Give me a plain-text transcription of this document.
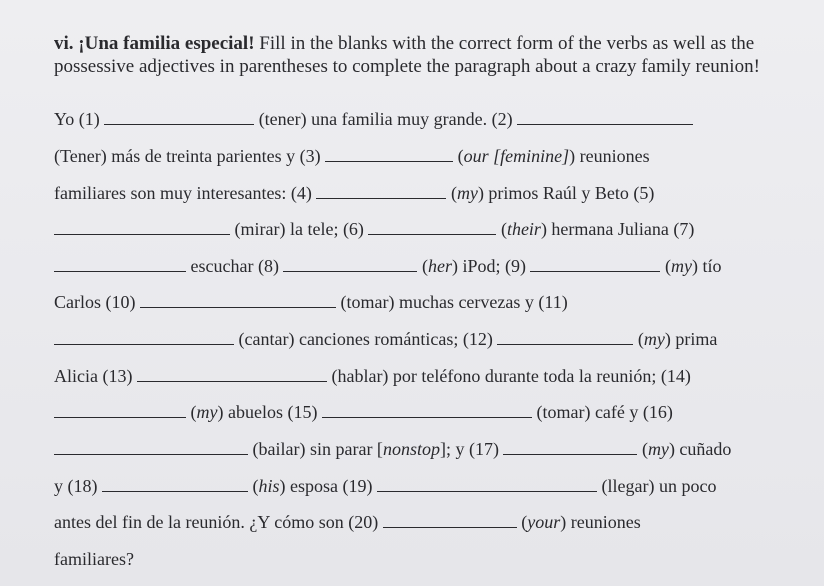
vi. ¡Una familia especial! Fill in the blanks with the correct form of the verbs as well as the possessive adjectives in parentheses to complete the paragraph about a crazy family reunion!
Yo (1)	(tener) una familia muy grande. (2)
(Tener) más de treinta parientes y (3)	(our [feminine]) reuniones
familiares son muy interesantes: (4)	(my) primos Raúl y Beto (5)
(mirar) la tele; (6)	(their) hermana Juliana (7)
escuchar (8)	(her) iPod; (9)	(my) tío
Carlos (10)	(tomar) muchas cervezas y (11)
(cantar) canciones románticas; (12)	(my) prima
Alicia (13)	(hablar) por teléfono durante toda la reunión; (14)
(my) abuelos (15)	(tomar) café y (16)
(bailar) sin parar [nonstop]; y (17)	(my) cuñado
y (18)	(his) esposa (19)	(llegar) un poco
antes del fin de la reunión. ¿Y cómo son (20)	(your) reuniones
familiares?
